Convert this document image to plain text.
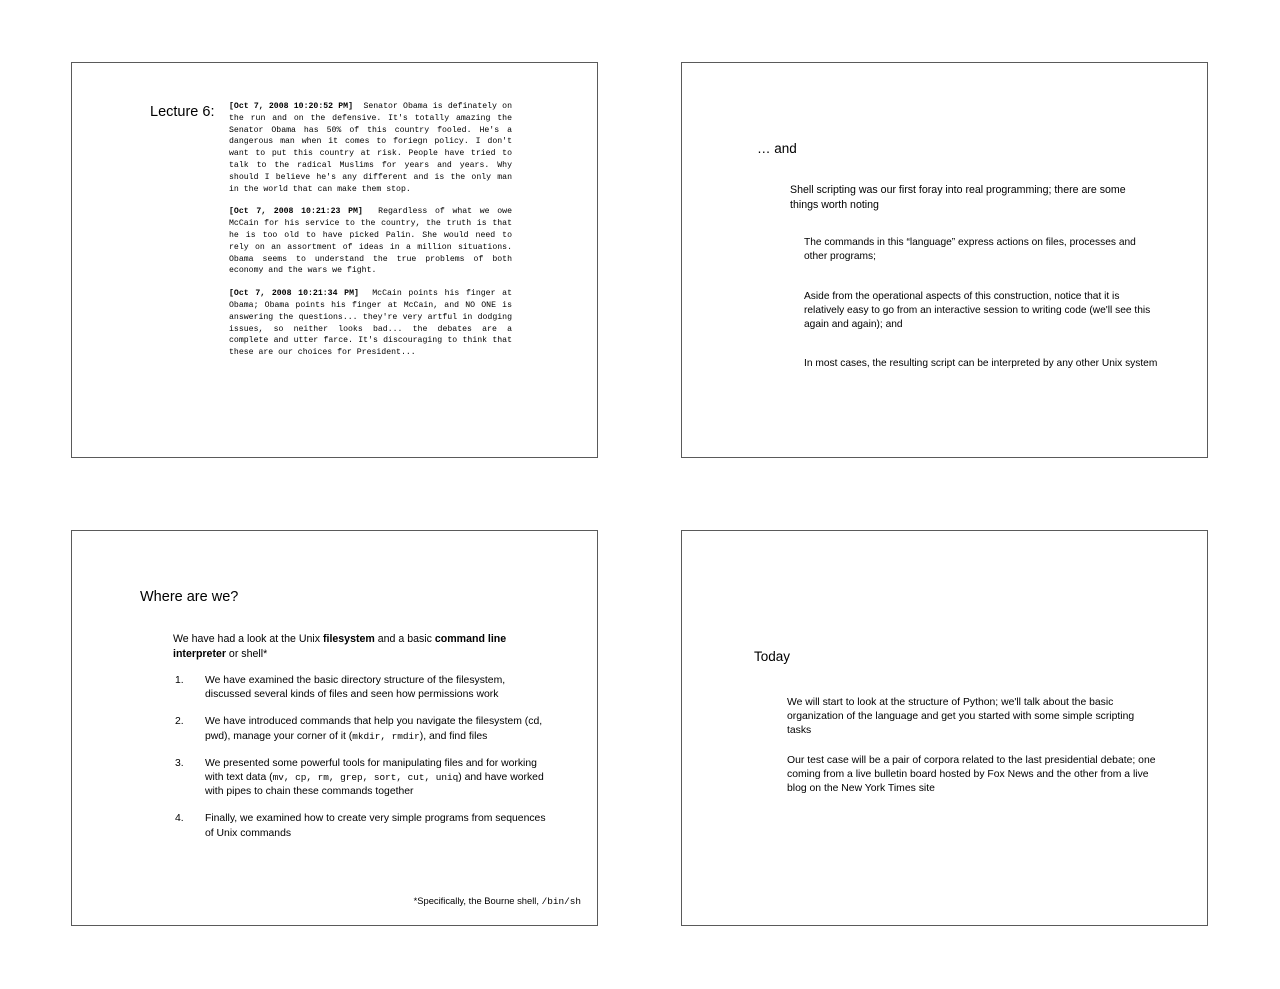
Lecture 6: [Oct 7, 2008 10:20:52 PM] Senator Obama is definately on the run and on the defensive. It's totally amazing the Senator Obama has 50% of this country fooled. He's a dangerous man when it comes to foriegn policy. I don't want to put this country at risk. People have tried to talk to the radical Muslims for years and years. Why should I believe he's any different and is the only man in the world that can make them stop.

[Oct 7, 2008 10:21:23 PM] Regardless of what we owe McCain for his service to the country, the truth is that he is too old to have picked Palin. She would need to rely on an assortment of ideas in a million situations. Obama seems to understand the true problems of both economy and the wars we fight.

[Oct 7, 2008 10:21:34 PM] McCain points his finger at Obama; Obama points his finger at McCain, and NO ONE is answering the questions... they're very artful in dodging issues, so neither looks bad... the debates are a complete and utter farce. It's discouraging to think that these are our choices for President...

… and
Shell scripting was our first foray into real programming; there are some things worth noting
The commands in this “language” express actions on files, processes and other programs;
Aside from the operational aspects of this construction, notice that it is relatively easy to go from an interactive session to writing code (we'll see this again and again); and
In most cases, the resulting script can be interpreted by any other Unix system
Where are we?
We have had a look at the Unix filesystem and a basic command line interpreter or shell*
1. We have examined the basic directory structure of the filesystem, discussed several kinds of files and seen how permissions work
2. We have introduced commands that help you navigate the filesystem (cd, pwd), manage your corner of it (mkdir, rmdir), and find files
3. We presented some powerful tools for manipulating files and for working with text data (mv, cp, rm, grep, sort, cut, uniq) and have worked with pipes to chain these commands together
4. Finally, we examined how to create very simple programs from sequences of Unix commands
*Specifically, the Bourne shell, /bin/sh
Today
We will start to look at the structure of Python; we'll talk about the basic organization of the language and get you started with some simple scripting tasks
Our test case will be a pair of corpora related to the last presidential debate; one coming from a live bulletin board hosted by Fox News and the other from a live blog on the New York Times site
